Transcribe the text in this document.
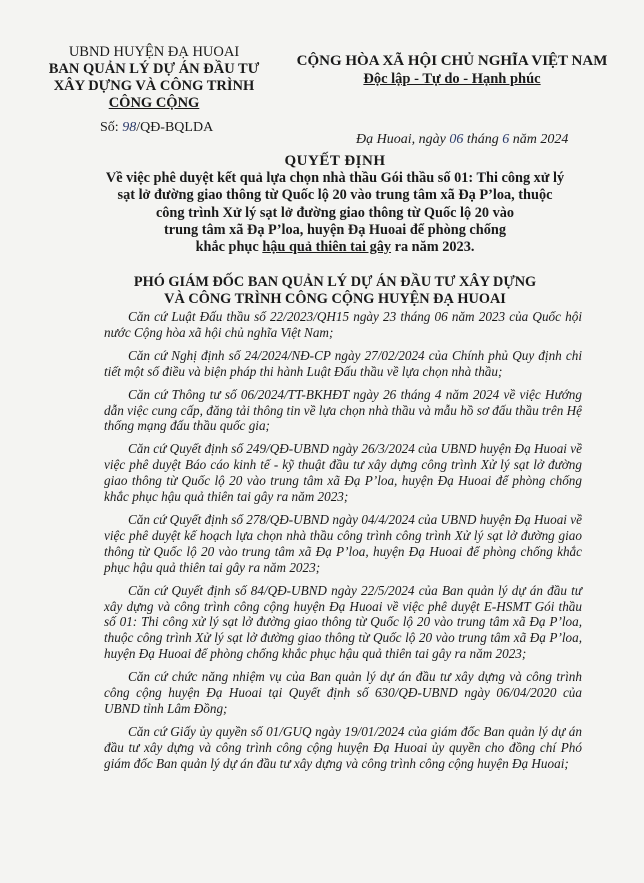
UBND HUYỆN ĐẠ HUOAI
BAN QUẢN LÝ DỰ ÁN ĐẦU TƯ
XÂY DỰNG VÀ CÔNG TRÌNH
CÔNG CỘNG
Số: 98/QĐ-BQLDA
CỘNG HÒA XÃ HỘI CHỦ NGHĨA VIỆT NAM
Độc lập - Tự do - Hạnh phúc
Đạ Huoai, ngày 06 tháng 6 năm 2024
QUYẾT ĐỊNH
Về việc phê duyệt kết quả lựa chọn nhà thầu Gói thầu số 01: Thi công xử lý
sạt lở đường giao thông từ Quốc lộ 20 vào trung tâm xã Đạ P’loa, thuộc
công trình Xử lý sạt lở đường giao thông từ Quốc lộ 20 vào
trung tâm xã Đạ P’loa, huyện Đạ Huoai để phòng chống
khắc phục hậu quả thiên tai gây ra năm 2023.
PHÓ GIÁM ĐỐC BAN QUẢN LÝ DỰ ÁN ĐẦU TƯ XÂY DỰNG
VÀ CÔNG TRÌNH CÔNG CỘNG HUYỆN ĐẠ HUOAI

Căn cứ Luật Đấu thầu số 22/2023/QH15 ngày 23 tháng 06 năm 2023 của Quốc hội nước Cộng hòa xã hội chủ nghĩa Việt Nam;

Căn cứ Nghị định số 24/2024/NĐ-CP ngày 27/02/2024 của Chính phủ Quy định chi tiết một số điều và biện pháp thi hành Luật Đấu thầu về lựa chọn nhà thầu;

Căn cứ Thông tư số 06/2024/TT-BKHĐT ngày 26 tháng 4 năm 2024 về việc Hướng dẫn việc cung cấp, đăng tải thông tin về lựa chọn nhà thầu và mẫu hồ sơ đấu thầu trên Hệ thống mạng đấu thầu quốc gia;

Căn cứ Quyết định số 249/QĐ-UBND ngày 26/3/2024 của UBND huyện Đạ Huoai về việc phê duyệt Báo cáo kinh tế - kỹ thuật đầu tư xây dựng công trình Xử lý sạt lở đường giao thông từ Quốc lộ 20 vào trung tâm xã Đạ P’loa, huyện Đạ Huoai để phòng chống khắc phục hậu quả thiên tai gây ra năm 2023;

Căn cứ Quyết định số 278/QĐ-UBND ngày 04/4/2024 của UBND huyện Đạ Huoai về việc phê duyệt kế hoạch lựa chọn nhà thầu công trình công trình Xử lý sạt lở đường giao thông từ Quốc lộ 20 vào trung tâm xã Đạ P’loa, huyện Đạ Huoai để phòng chống khắc phục hậu quả thiên tai gây ra năm 2023;

Căn cứ Quyết định số 84/QĐ-UBND ngày 22/5/2024 của Ban quản lý dự án đầu tư xây dựng và công trình công cộng huyện Đạ Huoai về việc phê duyệt E-HSMT Gói thầu số 01: Thi công xử lý sạt lở đường giao thông từ Quốc lộ 20 vào trung tâm xã Đạ P’loa, thuộc công trình Xử lý sạt lở đường giao thông từ Quốc lộ 20 vào trung tâm xã Đạ P’loa, huyện Đạ Huoai để phòng chống khắc phục hậu quả thiên tai gây ra năm 2023;

Căn cứ chức năng nhiệm vụ của Ban quản lý dự án đầu tư xây dựng và công trình công cộng huyện Đạ Huoai tại Quyết định số 630/QĐ-UBND ngày 06/04/2020 của UBND tỉnh Lâm Đồng;

Căn cứ Giấy ủy quyền số 01/GUQ ngày 19/01/2024 của giám đốc Ban quản lý dự án đầu tư xây dựng và công trình công cộng huyện Đạ Huoai ủy quyền cho đồng chí Phó giám đốc Ban quản lý dự án đầu tư xây dựng và công trình công cộng huyện Đạ Huoai;
